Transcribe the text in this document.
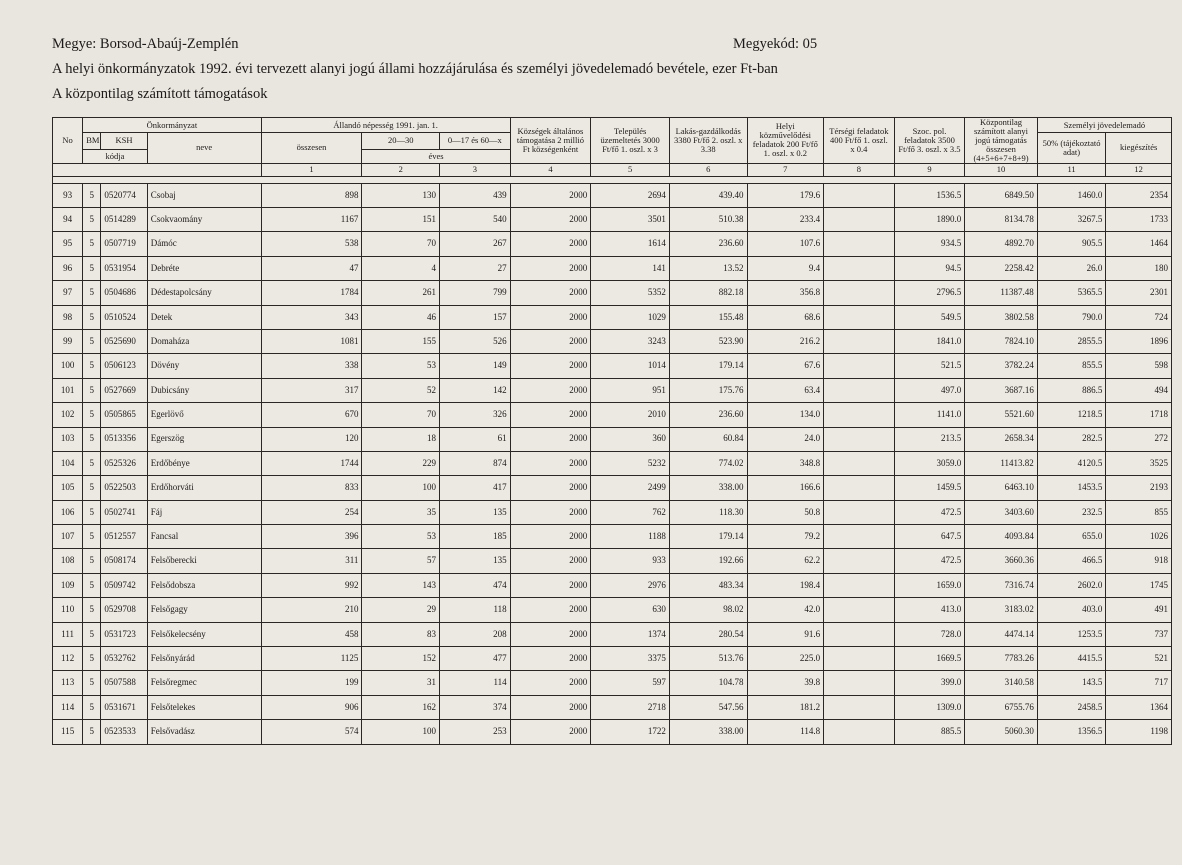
Megye: Borsod-Abaúj-Zemplén	Megyekód: 05
A helyi önkormányzatok 1992. évi tervezett alanyi jogú állami hozzájárulása és személyi jövedelemadó bevétele, ezer Ft-ban
A központilag számított támogatások
No	Önkormányzat			Állandó népesség 1991. jan. 1.			Községek általános támogatása 2 millió Ft községenként	Település üzemeltetés 3000 Ft/fő 1. oszl. x 3	Lakás-gazdálkodás 3380 Ft/fő 2. oszl. x 3.38	Helyi közművelődési feladatok 200 Ft/fő 1. oszl. x 0.2	Térségi feladatok 400 Ft/fő 1. oszl. x 0.4	Szoc. pol. feladatok 3500 Ft/fő 3. oszl. x 3.5	Központilag számított alanyi jogú támogatás összesen (4+5+6+7+8+9)	Személyi jövedelemadó	
	BM	KSH	neve	összesen	20—30	0—17 és 60—x								50% (tájékoztató adat)	kiegészítés
	kódja				éves										
				1	2	3	4	5	6	7	8	9	10	11	12

93	5	0520774	Csobaj	898	130	439	2000	2694	439.40	179.6		1536.5	6849.50	1460.0	2354
94	5	0514289	Csokvaomány	1167	151	540	2000	3501	510.38	233.4		1890.0	8134.78	3267.5	1733
95	5	0507719	Dámóc	538	70	267	2000	1614	236.60	107.6		934.5	4892.70	905.5	1464
96	5	0531954	Debréte	47	4	27	2000	141	13.52	9.4		94.5	2258.42	26.0	180
97	5	0504686	Dédestapolcsány	1784	261	799	2000	5352	882.18	356.8		2796.5	11387.48	5365.5	2301
98	5	0510524	Detek	343	46	157	2000	1029	155.48	68.6		549.5	3802.58	790.0	724
99	5	0525690	Domaháza	1081	155	526	2000	3243	523.90	216.2		1841.0	7824.10	2855.5	1896
100	5	0506123	Dövény	338	53	149	2000	1014	179.14	67.6		521.5	3782.24	855.5	598
101	5	0527669	Dubicsány	317	52	142	2000	951	175.76	63.4		497.0	3687.16	886.5	494
102	5	0505865	Egerlövő	670	70	326	2000	2010	236.60	134.0		1141.0	5521.60	1218.5	1718
103	5	0513356	Egerszög	120	18	61	2000	360	60.84	24.0		213.5	2658.34	282.5	272
104	5	0525326	Erdőbénye	1744	229	874	2000	5232	774.02	348.8		3059.0	11413.82	4120.5	3525
105	5	0522503	Erdőhorváti	833	100	417	2000	2499	338.00	166.6		1459.5	6463.10	1453.5	2193
106	5	0502741	Fáj	254	35	135	2000	762	118.30	50.8		472.5	3403.60	232.5	855
107	5	0512557	Fancsal	396	53	185	2000	1188	179.14	79.2		647.5	4093.84	655.0	1026
108	5	0508174	Felsőberecki	311	57	135	2000	933	192.66	62.2		472.5	3660.36	466.5	918
109	5	0509742	Felsődobsza	992	143	474	2000	2976	483.34	198.4		1659.0	7316.74	2602.0	1745
110	5	0529708	Felsőgagy	210	29	118	2000	630	98.02	42.0		413.0	3183.02	403.0	491
111	5	0531723	Felsőkelecsény	458	83	208	2000	1374	280.54	91.6		728.0	4474.14	1253.5	737
112	5	0532762	Felsőnyárád	1125	152	477	2000	3375	513.76	225.0		1669.5	7783.26	4415.5	521
113	5	0507588	Felsőregmec	199	31	114	2000	597	104.78	39.8		399.0	3140.58	143.5	717
114	5	0531671	Felsőtelekes	906	162	374	2000	2718	547.56	181.2		1309.0	6755.76	2458.5	1364
115	5	0523533	Felsővadász	574	100	253	2000	1722	338.00	114.8		885.5	5060.30	1356.5	1198
